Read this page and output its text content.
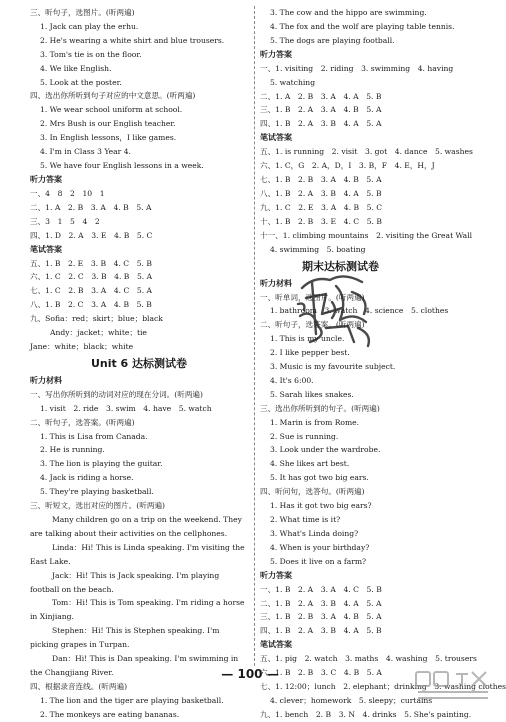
三、听句子，选图片。(听两遍)
1. Jack can play the erhu.
2. He's wearing a white shirt and blue trousers.
3. Tom's tie is on the floor.
4. We like English.
5. Look at the poster.
四、选出你所听到句子对应的中文意思。(听两遍)
1. We wear school uniform at school.
2. Mrs Bush is our English teacher.
3. In English lessons，I like games.
4. I'm in Class 3 Year 4.
5. We have four English lessons in a week.
听力答案
一、4　8　2　10　1
二、1. A　2. B　3. A　4. B　5. A
三、3　1　5　4　2
四、1. D　2. A　3. E　4. B　5. C
笔试答案
五、1. B　2. E　3. B　4. C　5. B
六、1. C　2. C　3. B　4. B　5. A
七、1. C　2. B　3. A　4. C　5. A
八、1. B　2. C　3. A　4. B　5. B
九、Sofia：red；skirt；blue；black
Andy：jacket；white；tie
Jane：white；black；white
Unit 6 达标测试卷
听力材料
一、写出你所听到的动词对应的现在分词。(听两遍)
1. visit　2. ride　3. swim　4. have　5. watch
二、听句子，选答案。(听两遍)
1. This is Lisa from Canada.
2. He is running.
3. The lion is playing the guitar.
4. Jack is riding a horse.
5. They're playing basketball.
三、听短文，选出对应的图片。(听两遍)
Many children go on a trip on the weekend. They are talking about their activities on the cellphones.
Linda：Hi! This is Linda speaking. I'm visiting the East Lake.
Jack：Hi! This is Jack speaking. I'm playing football on the beach.
Tom：Hi! This is Tom speaking. I'm riding a horse in Xinjiang.
Stephen：Hi! This is Stephen speaking. I'm picking grapes in Turpan.
Dan：Hi! This is Dan speaking. I'm swimming in the Changjiang River.
四、根据录音连线。(听两遍)
1. The lion and the tiger are playing basketball.
2. The monkeys are eating bananas.
3. The cow and the hippo are swimming.
4. The fox and the wolf are playing table tennis.
5. The dogs are playing football.
听力答案
一、1. visiting　2. riding　3. swimming　4. having
5. watching
二、1. A　2. B　3. A　4. A　5. B
三、1. B　2. A　3. A　4. B　5. A
四、1. B　2. A　3. B　4. A　5. A
笔试答案
五、1. is running　2. visit　3. got　4. dance　5. washes
六、1. C，G　2. A，D，I　3. B，F　4. E，H，J
七、1. B　2. B　3. A　4. B　5. A
八、1. B　2. A　3. B　4. A　5. B
九、1. C　2. E　3. A　4. B　5. C
十、1. B　2. B　3. E　4. C　5. B
十一、1. climbing mountains　2. visiting the Great Wall
4. swimming　5. boating
期末达标测试卷
听力材料
一、听单词，选图片。(听两遍)
1. bathroom　3. watch　4. science　5. clothes
二、听句子，选答案。(听两遍)
1. This is my uncle.
2. I like pepper best.
3. Music is my favourite subject.
4. It's 6:00.
5. Sarah likes snakes.
三、选出你所听到的句子。(听两遍)
1. Marin is from Rome.
2. Sue is running.
3. Look under the wardrobe.
4. She likes art best.
5. It has got two big ears.
四、听问句，选答句。(听两遍)
1. Has it got two big ears?
2. What time is it?
3. What's Linda doing?
4. When is your birthday?
5. Does it live on a farm?
听力答案
一、1. B　2. A　3. A　4. C　5. B
二、1. B　2. A　3. B　4. A　5. A
三、1. B　2. B　3. A　4. B　5. A
四、1. B　2. A　3. B　4. A　5. B
笔试答案
五、1. pig　2. watch　3. maths　4. washing　5. trousers
六、1. B　2. B　3. C　4. B　5. A
七、1. 12:00；lunch　2. elephant；drinking　3. washing clothes
4. clever；homework　5. sleepy；curtains
九、1. bench　2. B　3. N　4. drinks　5. She's painting.
— 100 —
